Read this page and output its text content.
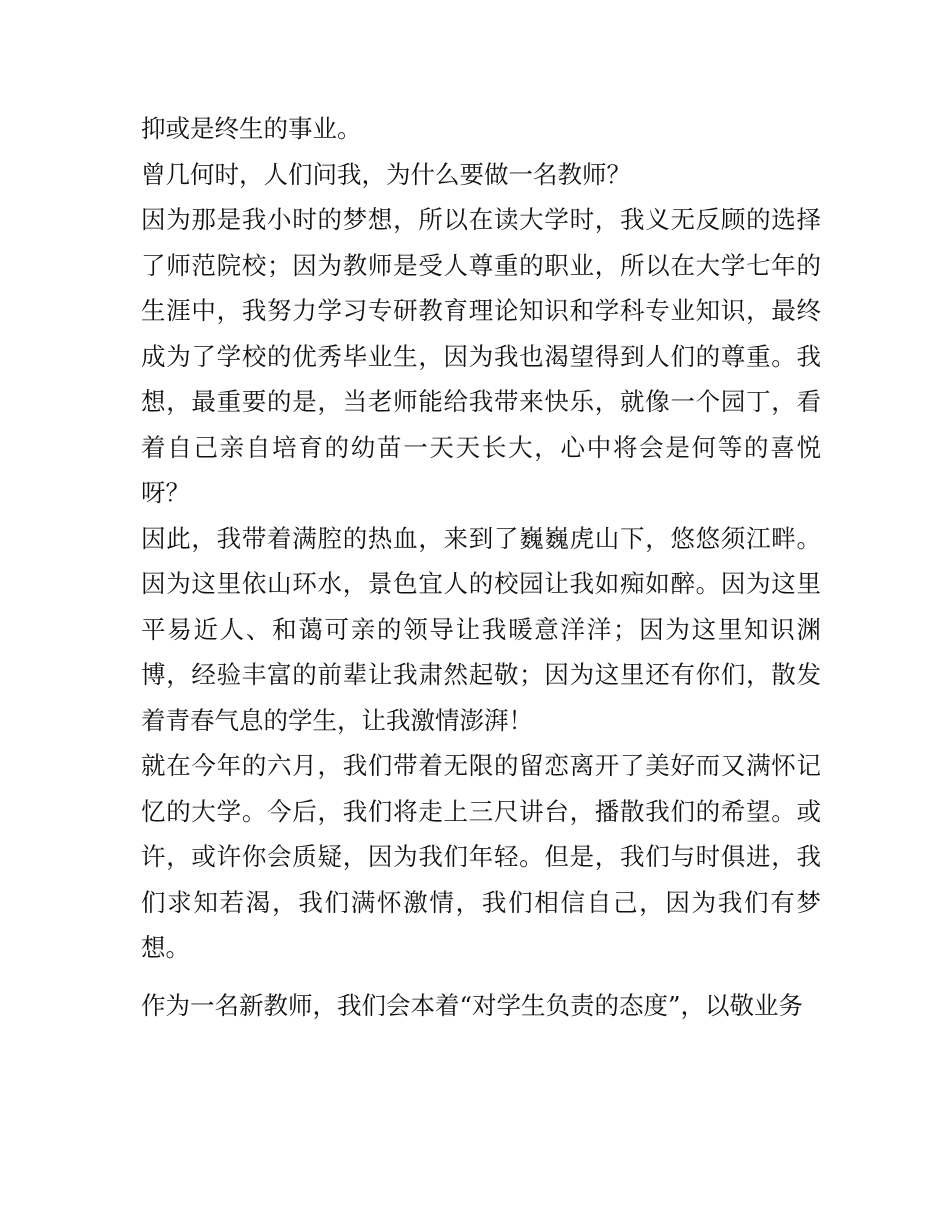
抑或是终生的事业。

曾几何时，人们问我，为什么要做一名教师？

因为那是我小时的梦想，所以在读大学时，我义无反顾的选择了师范院校；因为教师是受人尊重的职业，所以在大学七年的生涯中，我努力学习专研教育理论知识和学科专业知识，最终成为了学校的优秀毕业生，因为我也渴望得到人们的尊重。我想，最重要的是，当老师能给我带来快乐，就像一个园丁，看着自己亲自培育的幼苗一天天长大，心中将会是何等的喜悦呀？

因此，我带着满腔的热血，来到了巍巍虎山下，悠悠须江畔。因为这里依山环水，景色宜人的校园让我如痴如醉。因为这里平易近人、和蔼可亲的领导让我暖意洋洋；因为这里知识渊博，经验丰富的前辈让我肃然起敬；因为这里还有你们，散发着青春气息的学生，让我激情澎湃！

就在今年的六月，我们带着无限的留恋离开了美好而又满怀记忆的大学。今后，我们将走上三尺讲台，播散我们的希望。或许，或许你会质疑，因为我们年轻。但是，我们与时俱进，我们求知若渴，我们满怀激情，我们相信自己，因为我们有梦想。

作为一名新教师，我们会本着“对学生负责的态度”，以敬业务
